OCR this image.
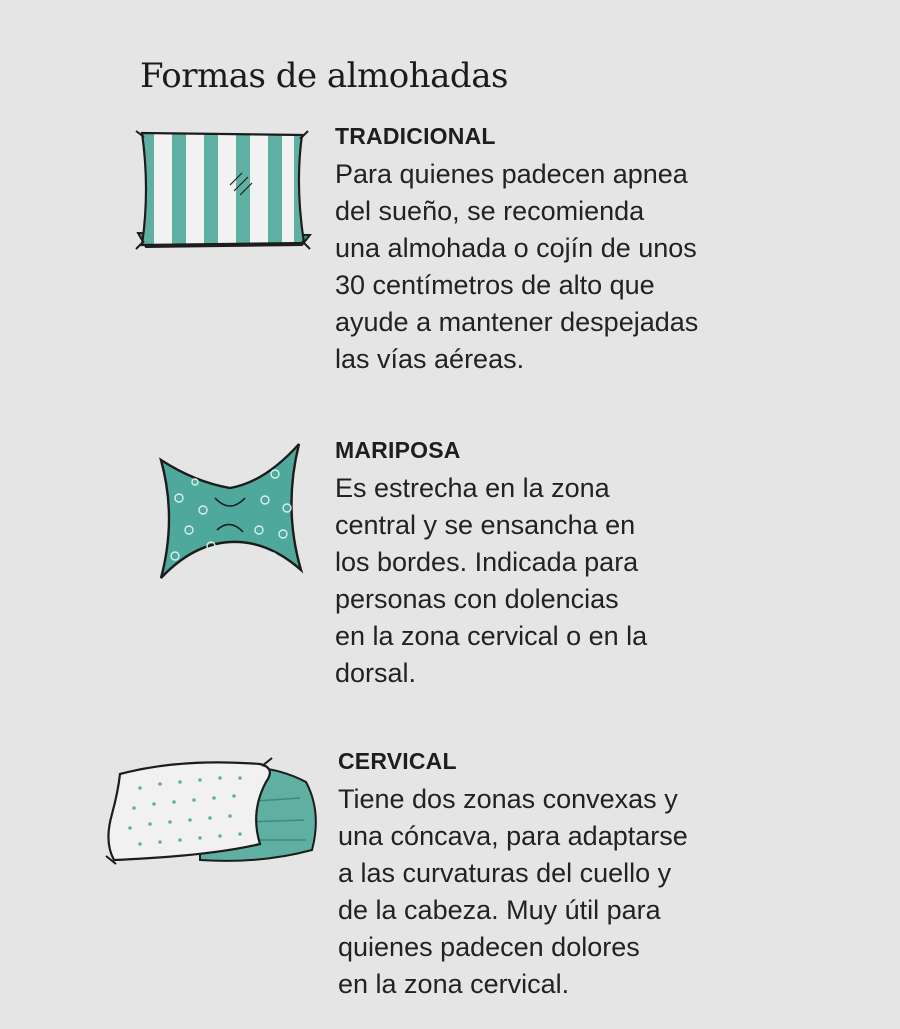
Formas de almohadas
TRADICIONAL
Para quienes padecen apnea
del sueño, se recomienda
una almohada o cojín de unos
30 centímetros de alto que
ayude a mantener despejadas
las vías aéreas.
MARIPOSA
Es estrecha en la zona
central y se ensancha en
los bordes. Indicada para
personas con dolencias
en la zona cervical o en la
dorsal.
CERVICAL
Tiene dos zonas convexas y
una cóncava, para adaptarse
a las curvaturas del cuello y
de la cabeza. Muy útil para
quienes padecen dolores
en la zona cervical.
